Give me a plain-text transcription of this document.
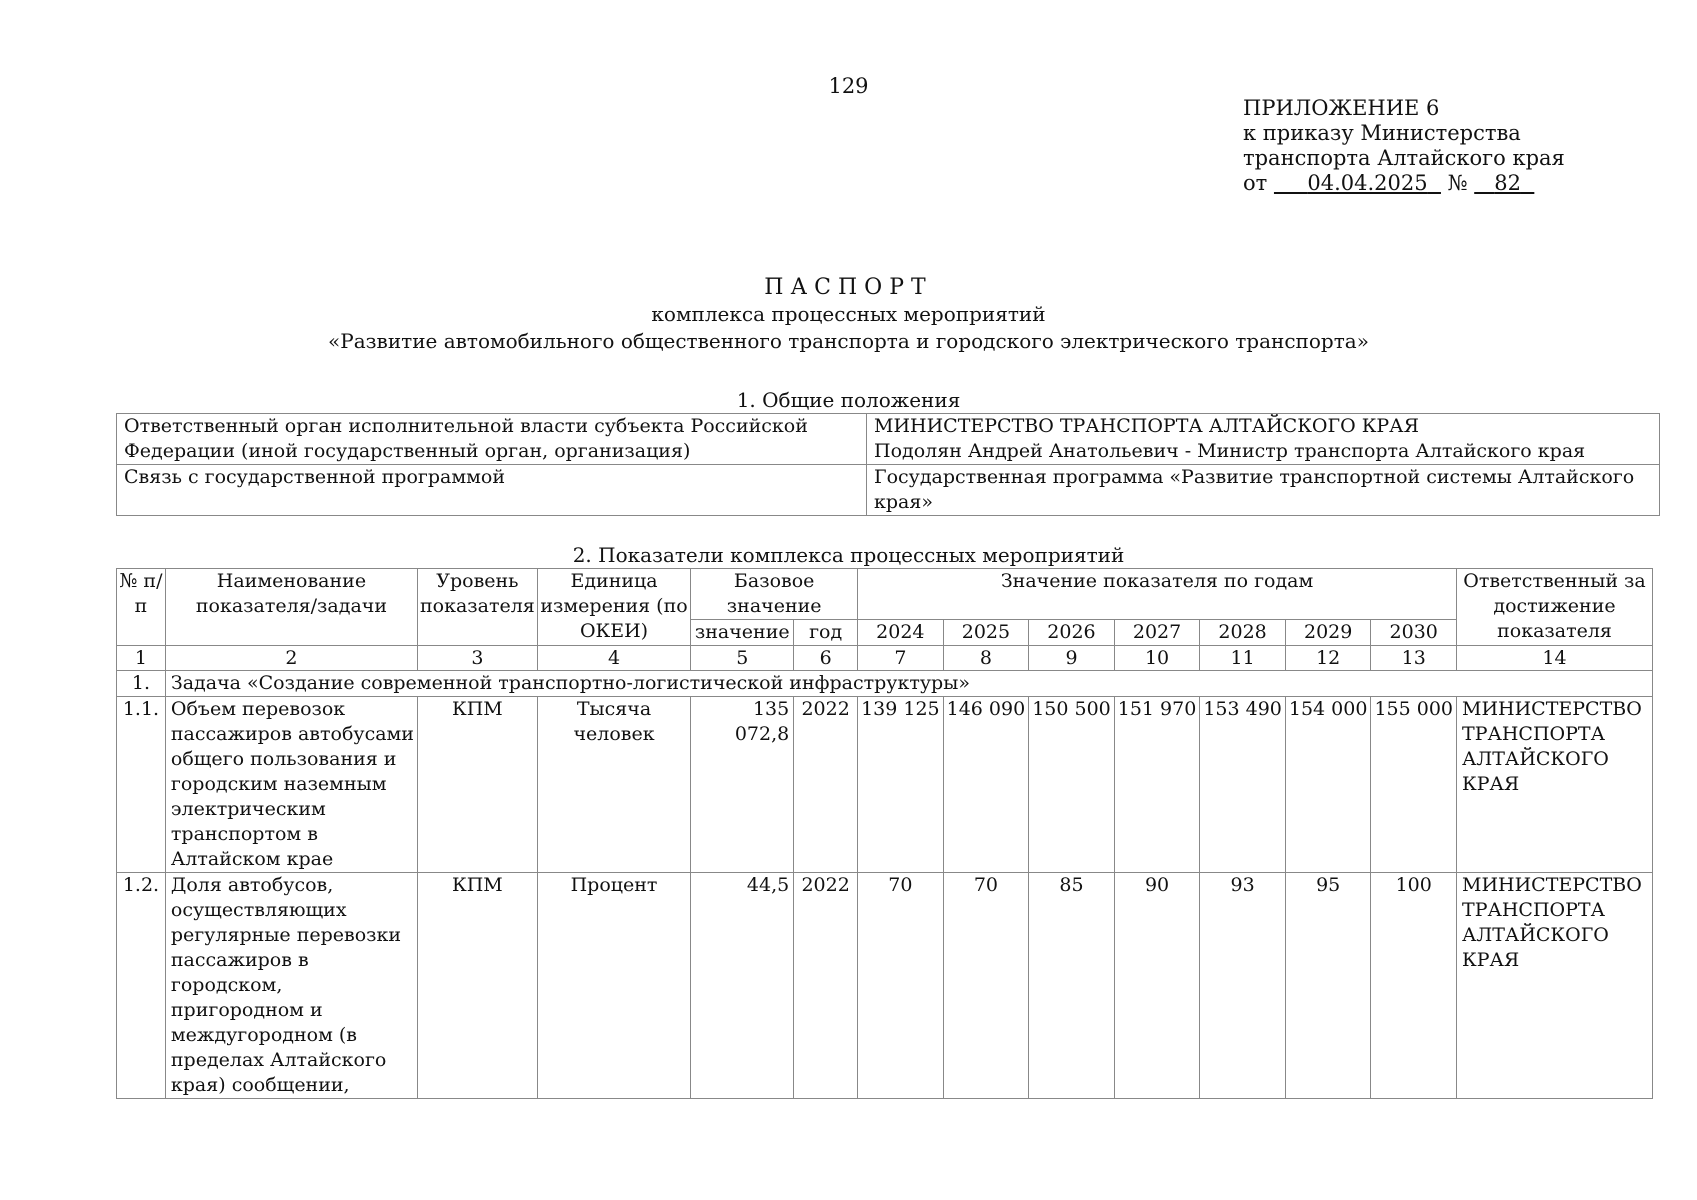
129
ПРИЛОЖЕНИЕ 6
к приказу Министерства
транспорта Алтайского края
от 04.04.2025 № 82
ПАСПОРТ
комплекса процессных мероприятий
«Развитие автомобильного общественного транспорта и городского электрического транспорта»
1. Общие положения
Ответственный орган исполнительной власти субъекта Российской Федерации (иной государственный орган, организация)	МИНИСТЕРСТВО ТРАНСПОРТА АЛТАЙСКОГО КРАЯ
Подолян Андрей Анатольевич - Министр транспорта Алтайского края

Связь с государственной программой	Государственная программа «Развитие транспортной системы Алтайского края»
2. Показатели комплекса процессных мероприятий
№ п/п	Наименование показателя/задачи	Уровень показателя	Единица измерения (по ОКЕИ)	Базовое значение		Значение показателя по годам							Ответственный за достижение показателя

				значение	год	2024	2025	2026	2027	2028	2029	2030	
1	2	3	4	5	6	7	8	9	10	11	12	13	14
1.	Задача «Создание современной транспортно-логистической инфраструктуры»												
1.1.	Объем перевозок пассажиров автобусами общего пользования и городским наземным электрическим транспортом в Алтайском крае	КПМ	Тысяча человек	135 072,8	2022	139 125	146 090	150 500	151 970	153 490	154 000	155 000	МИНИСТЕРСТВО ТРАНСПОРТА АЛТАЙСКОГО КРАЯ
1.2.	Доля автобусов, осуществляющих регулярные перевозки пассажиров в городском, пригородном и междугородном (в пределах Алтайского края) сообщении,	КПМ	Процент	44,5	2022	70	70	85	90	93	95	100	МИНИСТЕРСТВО ТРАНСПОРТА АЛТАЙСКОГО КРАЯ
